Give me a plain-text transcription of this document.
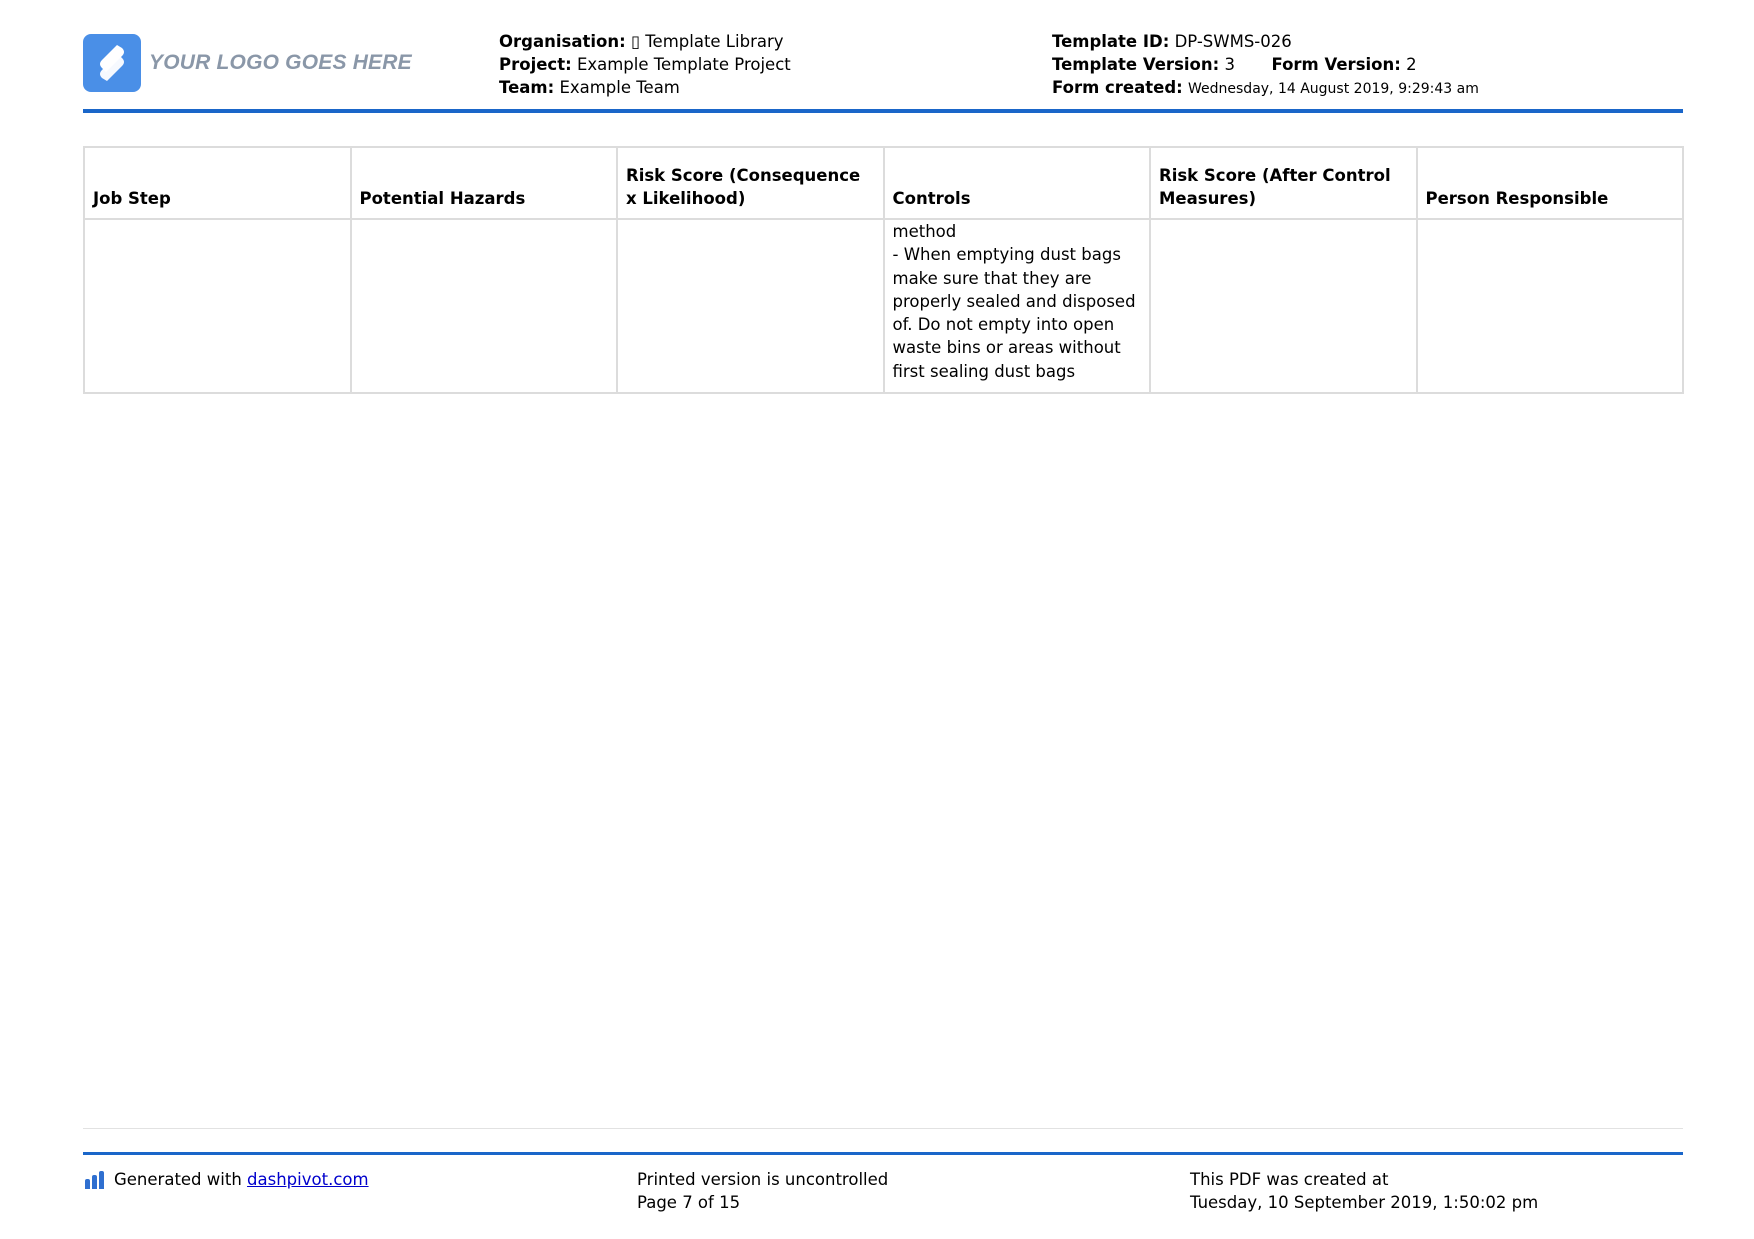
YOUR LOGO GOES HERE
Organisation: ▯ Template Library
Project: Example Template Project
Team: Example Team
Template ID: DP-SWMS-026
Template Version: 3 Form Version: 2
Form created: Wednesday, 14 August 2019, 9:29:43 am
Job Step	Potential Hazards	Risk Score (Consequence x Likelihood)	Controls	Risk Score (After Control Measures)	Person Responsible
			method
- When emptying dust bags make sure that they are properly sealed and disposed of. Do not empty into open waste bins or areas without first sealing dust bags		
Generated with
dashpivot.com	Printed version is uncontrolled
Page 7 of 15
This PDF was created at
Tuesday, 10 September 2019, 1:50:02 pm
